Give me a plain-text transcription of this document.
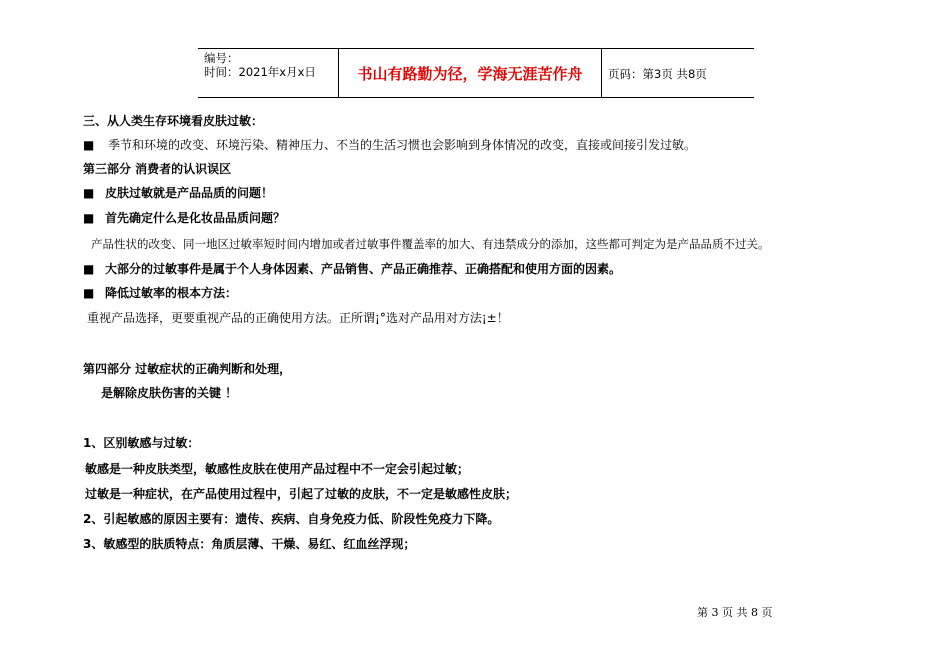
编号：
时间：2021年x月x日	书山有路勤为径，学海无涯苦作舟	页码：第3页 共8页
三、从人类生存环境看皮肤过敏：
■ 季节和环境的改变、环境污染、精神压力、不当的生活习惯也会影响到身体情况的改变，直接或间接引发过敏。
第三部分 消费者的认识误区
■ 皮肤过敏就是产品品质的问题！
■ 首先确定什么是化妆品品质问题？
产品性状的改变、同一地区过敏率短时间内增加或者过敏事件覆盖率的加大、有违禁成分的添加，这些都可判定为是产品品质不过关。
■ 大部分的过敏事件是属于个人身体因素、产品销售、产品正确推荐、正确搭配和使用方面的因素。
■ 降低过敏率的根本方法：
重视产品选择，更要重视产品的正确使用方法。正所谓¡°选对产品用对方法¡±！
第四部分 过敏症状的正确判断和处理，
是解除皮肤伤害的关键 ！
1、区别敏感与过敏：
敏感是一种皮肤类型，敏感性皮肤在使用产品过程中不一定会引起过敏；
过敏是一种症状，在产品使用过程中，引起了过敏的皮肤，不一定是敏感性皮肤；
2、引起敏感的原因主要有：遗传、疾病、自身免疫力低、阶段性免疫力下降。
3、敏感型的肤质特点：角质层薄、干燥、易红、红血丝浮现；
第 3 页 共 8 页
